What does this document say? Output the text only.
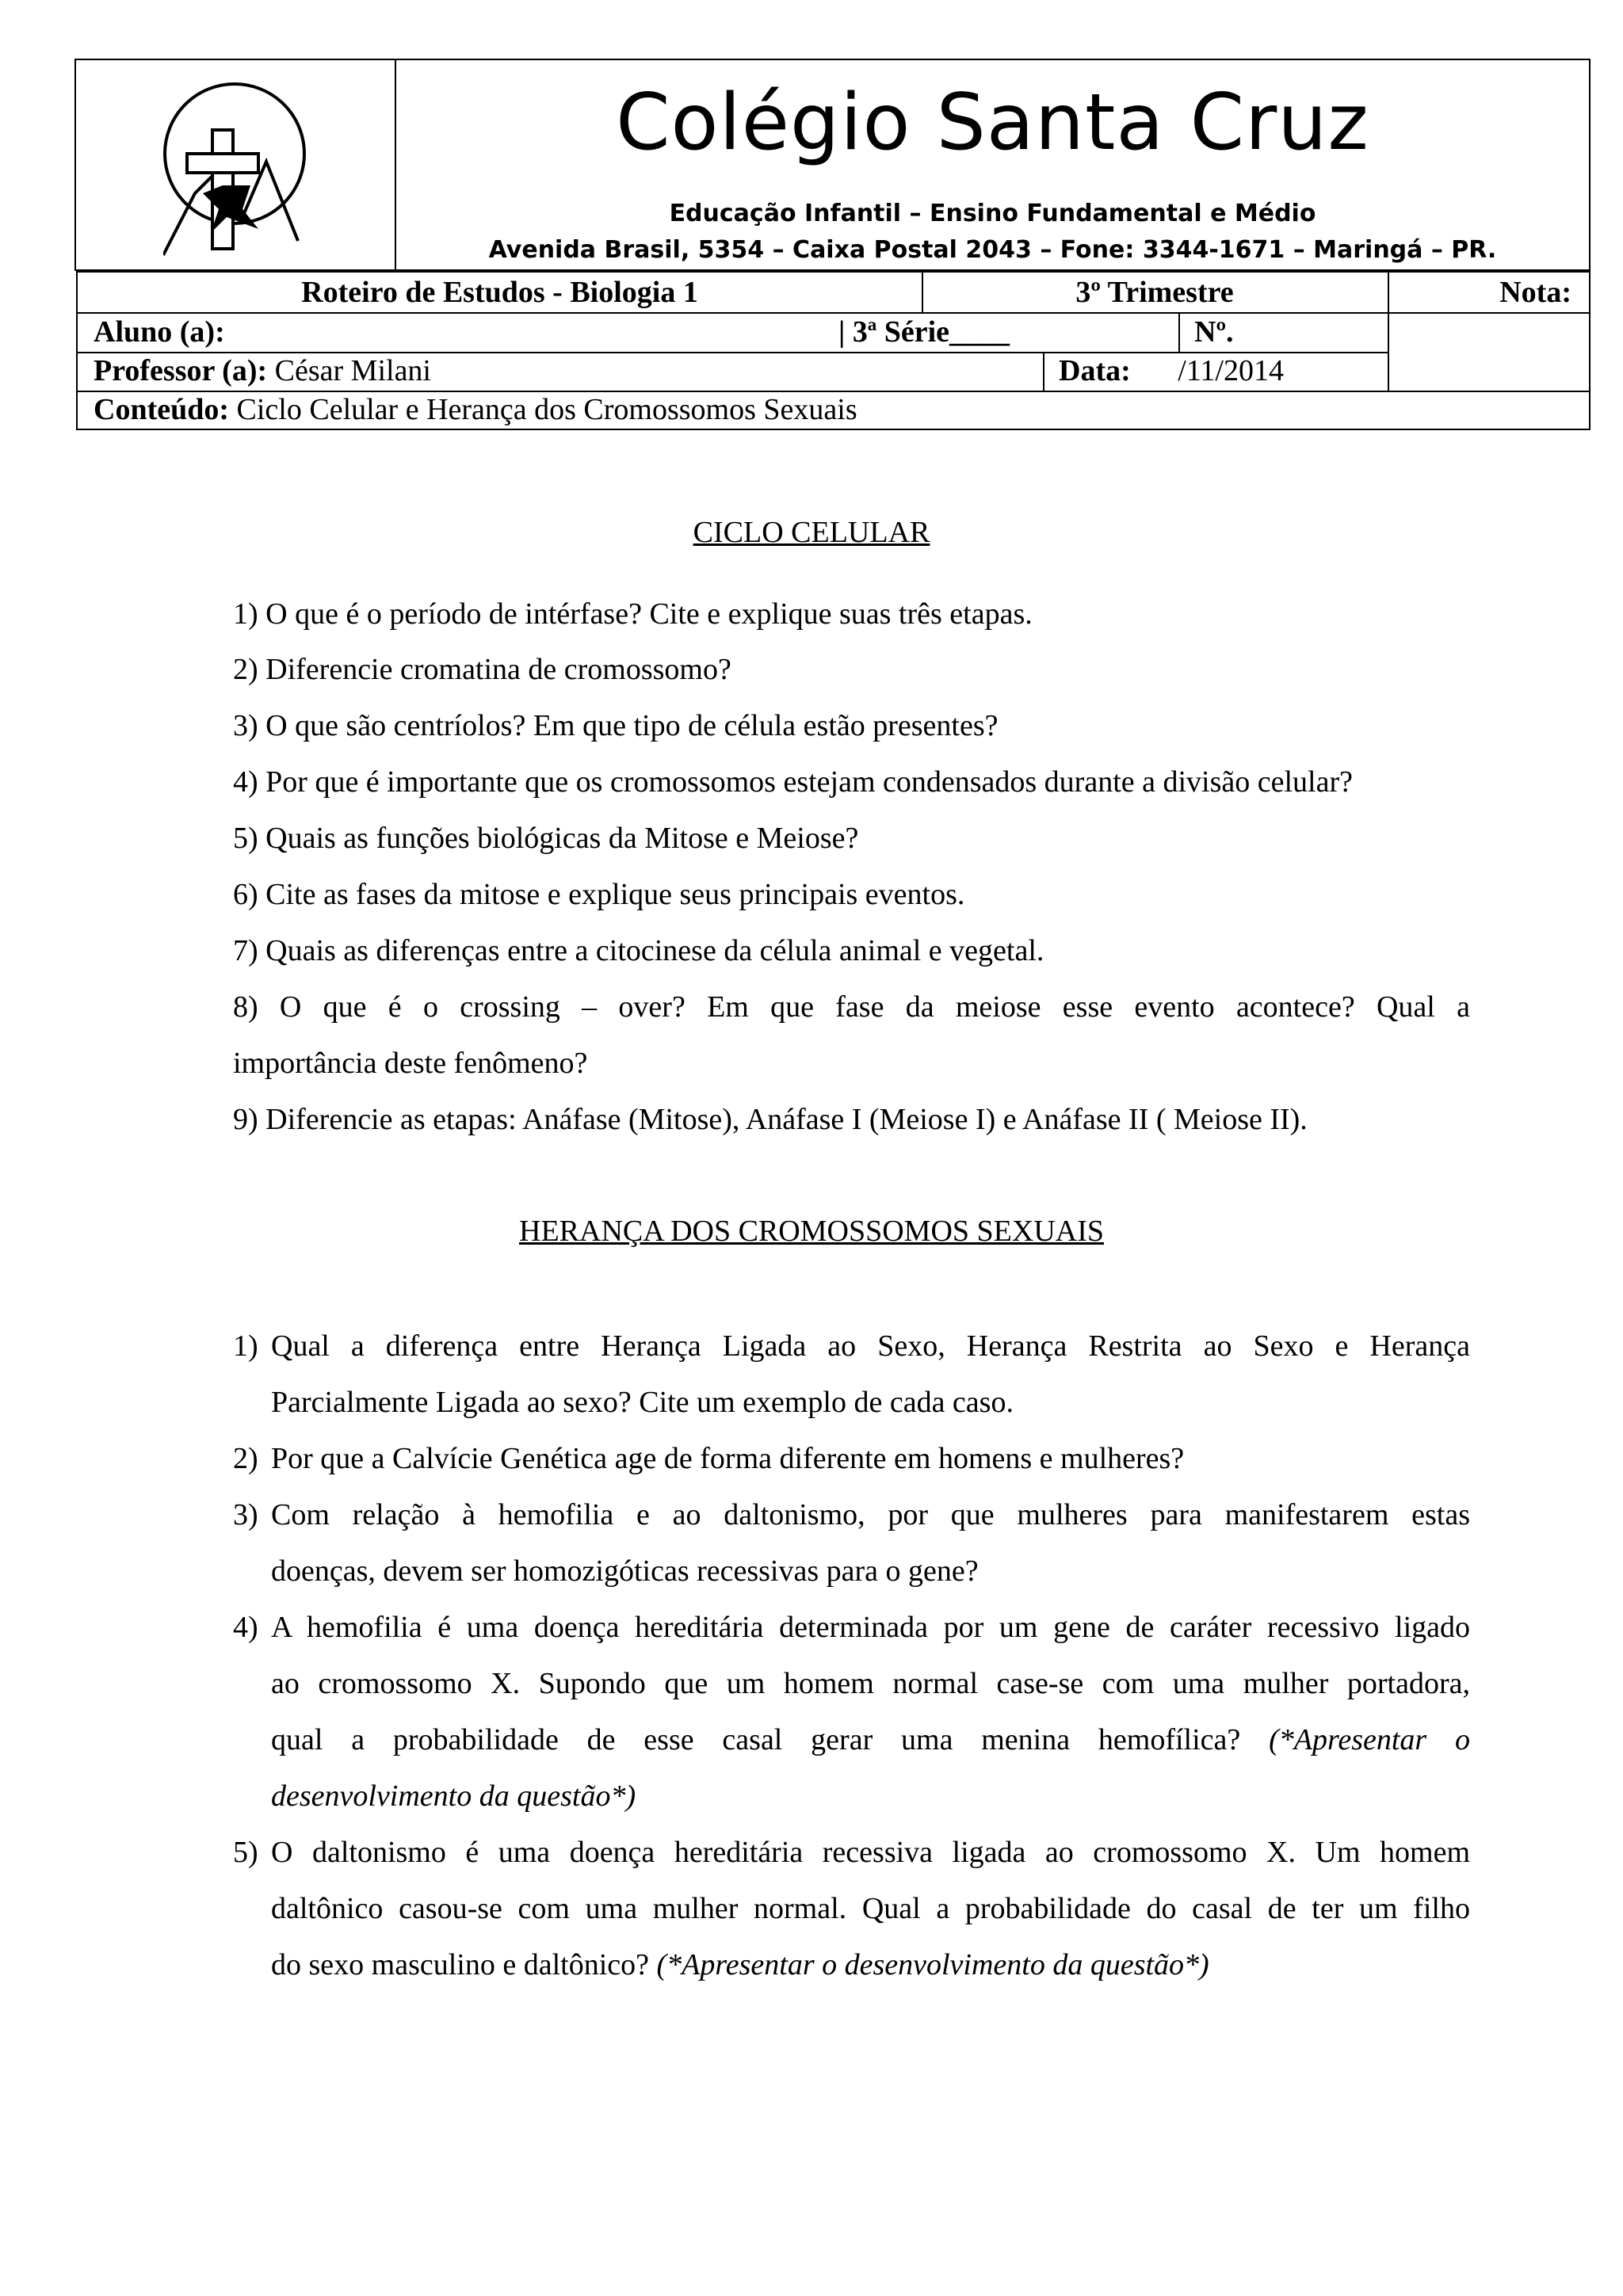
Colégio Santa Cruz
Educação Infantil – Ensino Fundamental e Médio
Avenida Brasil, 5354 – Caixa Postal 2043 – Fone: 3344-1671 – Maringá – PR.
Roteiro de Estudos - Biologia 1	3º Trimestre	Nota:
Aluno (a):	| 3ª Série____	Nº.
Professor (a): César Milani	Data: /11/2014
Conteúdo: Ciclo Celular e Herança dos Cromossomos Sexuais
CICLO CELULAR
1) O que é o período de intérfase? Cite e explique suas três etapas.
2) Diferencie cromatina de cromossomo?
3) O que são centríolos? Em que tipo de célula estão presentes?
4) Por que é importante que os cromossomos estejam condensados durante a divisão celular?
5) Quais as funções biológicas da Mitose e Meiose?
6) Cite as fases da mitose e explique seus principais eventos.
7) Quais as diferenças entre a citocinese da célula animal e vegetal.
8) O que é o crossing – over? Em que fase da meiose esse evento acontece? Qual a
importância deste fenômeno?
9) Diferencie as etapas: Anáfase (Mitose), Anáfase I (Meiose I) e Anáfase II ( Meiose II).
HERANÇA DOS CROMOSSOMOS SEXUAIS
1) Qual a diferença entre Herança Ligada ao Sexo, Herança Restrita ao Sexo e Herança
Parcialmente Ligada ao sexo? Cite um exemplo de cada caso.
2) Por que a Calvície Genética age de forma diferente em homens e mulheres?
3) Com relação à hemofilia e ao daltonismo, por que mulheres para manifestarem estas
doenças, devem ser homozigóticas recessivas para o gene?
4) A hemofilia é uma doença hereditária determinada por um gene de caráter recessivo ligado
ao cromossomo X. Supondo que um homem normal case-se com uma mulher portadora,
qual a probabilidade de esse casal gerar uma menina hemofílica? (*Apresentar o
desenvolvimento da questão*)
5) O daltonismo é uma doença hereditária recessiva ligada ao cromossomo X. Um homem
daltônico casou-se com uma mulher normal. Qual a probabilidade do casal de ter um filho
do sexo masculino e daltônico? (*Apresentar o desenvolvimento da questão*)
